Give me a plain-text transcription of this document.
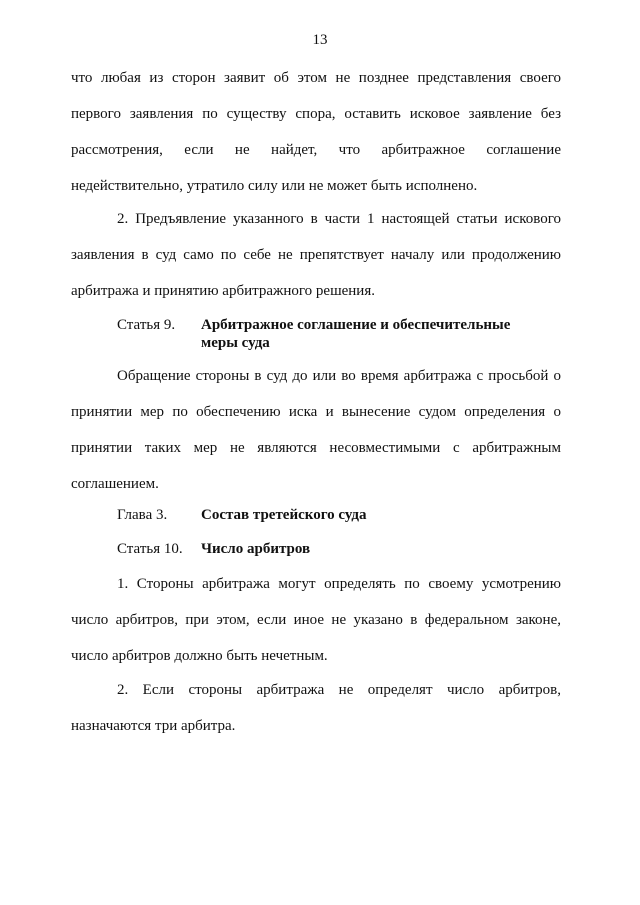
13
что любая из сторон заявит об этом не позднее представления своего
первого заявления по существу спора, оставить исковое заявление без
рассмотрения, если не найдет, что арбитражное соглашение
недействительно, утратило силу или не может быть исполнено.
2. Предъявление указанного в части 1 настоящей статьи искового
заявления в суд само по себе не препятствует началу или продолжению
арбитража и принятию арбитражного решения.
Статья 9.	Арбитражное соглашение и обеспечительные
меры суда
Обращение стороны в суд до или во время арбитража с просьбой о
принятии мер по обеспечению иска и вынесение судом определения о
принятии таких мер не являются несовместимыми с арбитражным
соглашением.
Глава 3.	Состав третейского суда
Статья 10.	Число арбитров
1. Стороны арбитража могут определять по своему усмотрению
число арбитров, при этом, если иное не указано в федеральном законе,
число арбитров должно быть нечетным.
2. Если стороны арбитража не определят число арбитров,
назначаются три арбитра.
